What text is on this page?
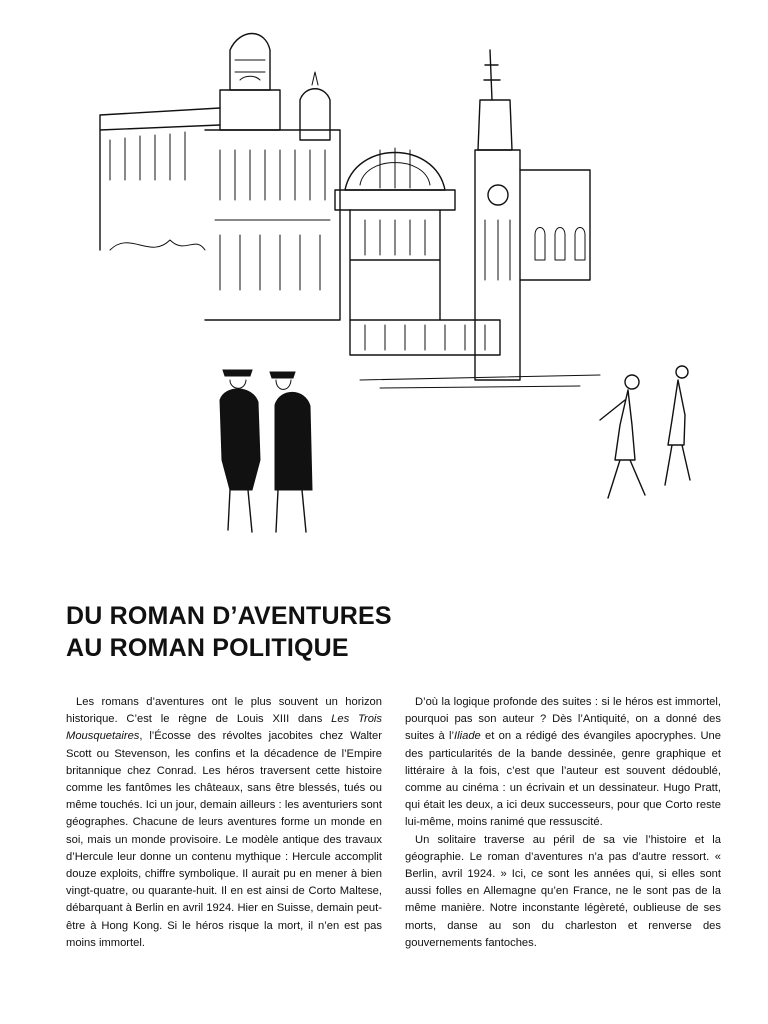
DU ROMAN D’AVENTURES
AU ROMAN POLITIQUE

Les romans d’aventures ont le plus souvent un horizon historique. C’est le règne de Louis XIII dans Les Trois Mousquetaires, l’Écosse des révoltes jacobites chez Walter Scott ou Stevenson, les confins et la décadence de l’Empire britannique chez Conrad. Les héros traversent cette histoire comme les fantômes les châteaux, sans être blessés, tués ou même touchés. Ici un jour, demain ailleurs : les aventuriers sont géographes. Chacune de leurs aventures forme un monde en soi, mais un monde provisoire. Le modèle antique des travaux d’Hercule leur donne un contenu mythique : Hercule accomplit douze exploits, chiffre symbolique. Il aurait pu en mener à bien vingt-quatre, ou quarante-huit. Il en est ainsi de Corto Maltese, débarquant à Berlin en avril 1924. Hier en Suisse, demain peut-être à Hong Kong. Si le héros risque la mort, il n’en est pas moins immortel.

D’où la logique profonde des suites : si le héros est immortel, pourquoi pas son auteur ? Dès l’Antiquité, on a donné des suites à l’Iliade et on a rédigé des évangiles apocryphes. Une des particularités de la bande dessinée, genre graphique et littéraire à la fois, c’est que l’auteur est souvent dédoublé, comme au cinéma : un écrivain et un dessinateur. Hugo Pratt, qui était les deux, a ici deux successeurs, pour que Corto reste lui-même, moins ranimé que ressuscité.

Un solitaire traverse au péril de sa vie l’histoire et la géographie. Le roman d’aventures n’a pas d’autre ressort. « Berlin, avril 1924. » Ici, ce sont les années qui, si elles sont aussi folles en Allemagne qu’en France, ne le sont pas de la même manière. Notre inconstante légèreté, oublieuse de ses morts, danse au son du charleston et renverse des gouvernements fantoches.
